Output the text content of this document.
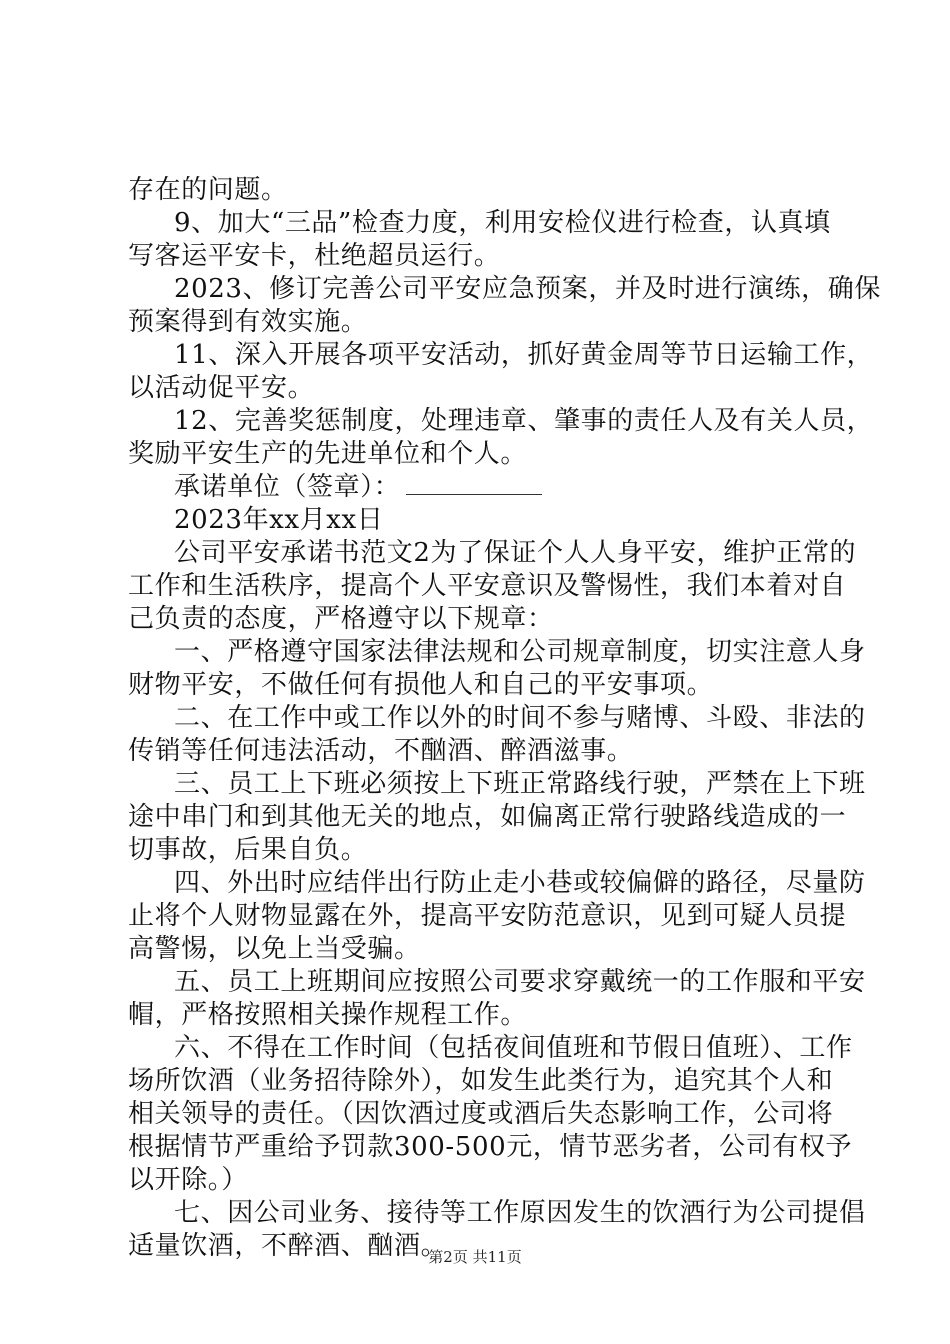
存在的问题。
9、加大“三品”检查力度，利用安检仪进行检查，认真填
写客运平安卡，杜绝超员运行。
2023、修订完善公司平安应急预案，并及时进行演练，确保
预案得到有效实施。
11、深入开展各项平安活动，抓好黄金周等节日运输工作，
以活动促平安。
12、完善奖惩制度，处理违章、肇事的责任人及有关人员，
奖励平安生产的先进单位和个人。
承诺单位（签章）：
2023年xx月xx日
公司平安承诺书范文2为了保证个人人身平安，维护正常的
工作和生活秩序，提高个人平安意识及警惕性，我们本着对自
己负责的态度，严格遵守以下规章：
一、严格遵守国家法律法规和公司规章制度，切实注意人身
财物平安，不做任何有损他人和自己的平安事项。
二、在工作中或工作以外的时间不参与赌博、斗殴、非法的
传销等任何违法活动，不酗酒、醉酒滋事。
三、员工上下班必须按上下班正常路线行驶，严禁在上下班
途中串门和到其他无关的地点，如偏离正常行驶路线造成的一
切事故，后果自负。
四、外出时应结伴出行防止走小巷或较偏僻的路径，尽量防
止将个人财物显露在外，提高平安防范意识，见到可疑人员提
高警惕，以免上当受骗。
五、员工上班期间应按照公司要求穿戴统一的工作服和平安
帽，严格按照相关操作规程工作。
六、不得在工作时间（包括夜间值班和节假日值班）、工作
场所饮酒（业务招待除外），如发生此类行为，追究其个人和
相关领导的责任。（因饮酒过度或酒后失态影响工作，公司将
根据情节严重给予罚款300-500元，情节恶劣者，公司有权予
以开除。）
七、因公司业务、接待等工作原因发生的饮酒行为公司提倡
适量饮酒，不醉酒、酗酒。
第2页 共11页
